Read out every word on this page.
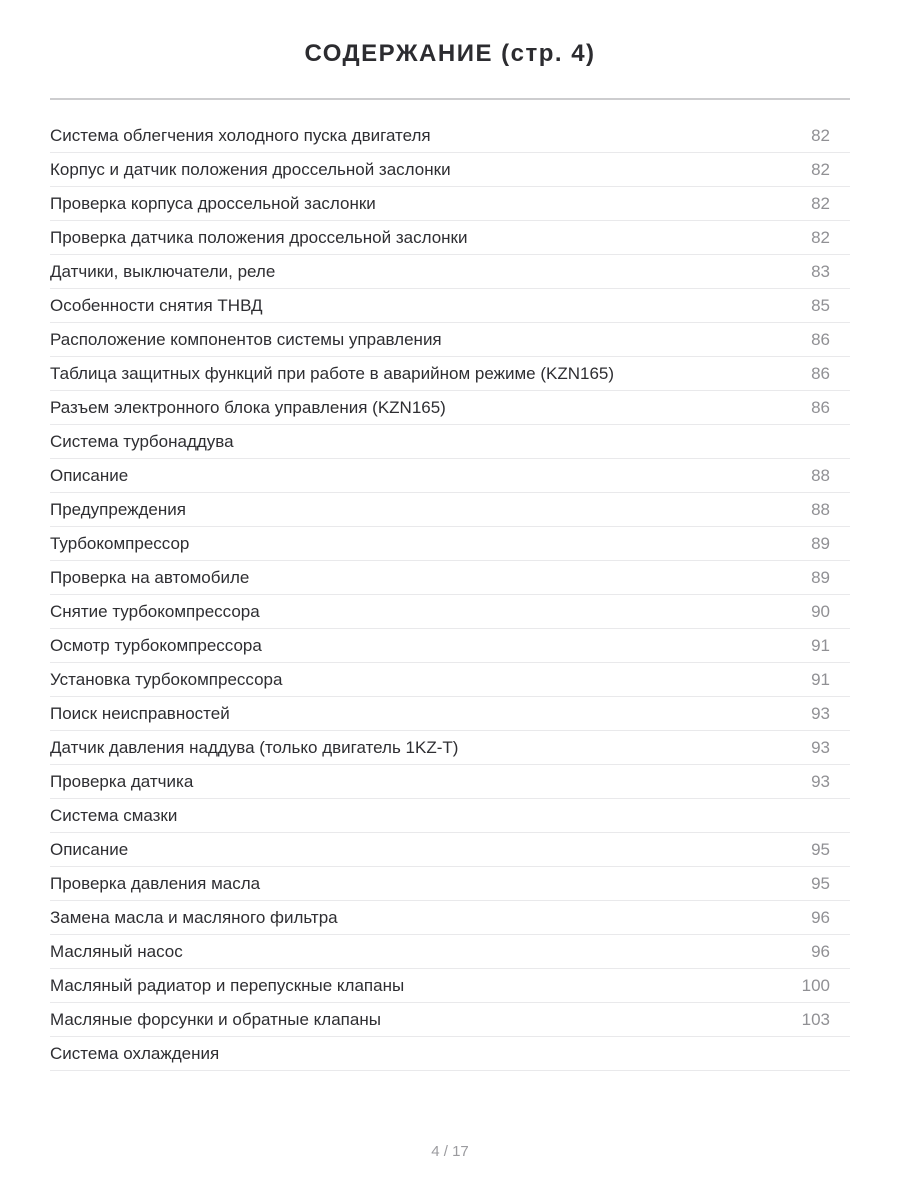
СОДЕРЖАНИЕ (стр. 4)
Система облегчения холодного пуска двигателя	82
Корпус и датчик положения дроссельной заслонки	82
Проверка корпуса дроссельной заслонки	82
Проверка датчика положения дроссельной заслонки	82
Датчики, выключатели, реле	83
Особенности снятия ТНВД	85
Расположение компонентов системы управления	86
Таблица защитных функций при работе в аварийном режиме (KZN165)	86
Разъем электронного блока управления (KZN165)	86
Система турбонаддува
Описание	88
Предупреждения	88
Турбокомпрессор	89
Проверка на автомобиле	89
Снятие турбокомпрессора	90
Осмотр турбокомпрессора	91
Установка турбокомпрессора	91
Поиск неисправностей	93
Датчик давления наддува (только двигатель 1KZ-T)	93
Проверка датчика	93
Система смазки
Описание	95
Проверка давления масла	95
Замена масла и масляного фильтра	96
Масляный насос	96
Масляный радиатор и перепускные клапаны	100
Масляные форсунки и обратные клапаны	103
Система охлаждения
4 / 17
